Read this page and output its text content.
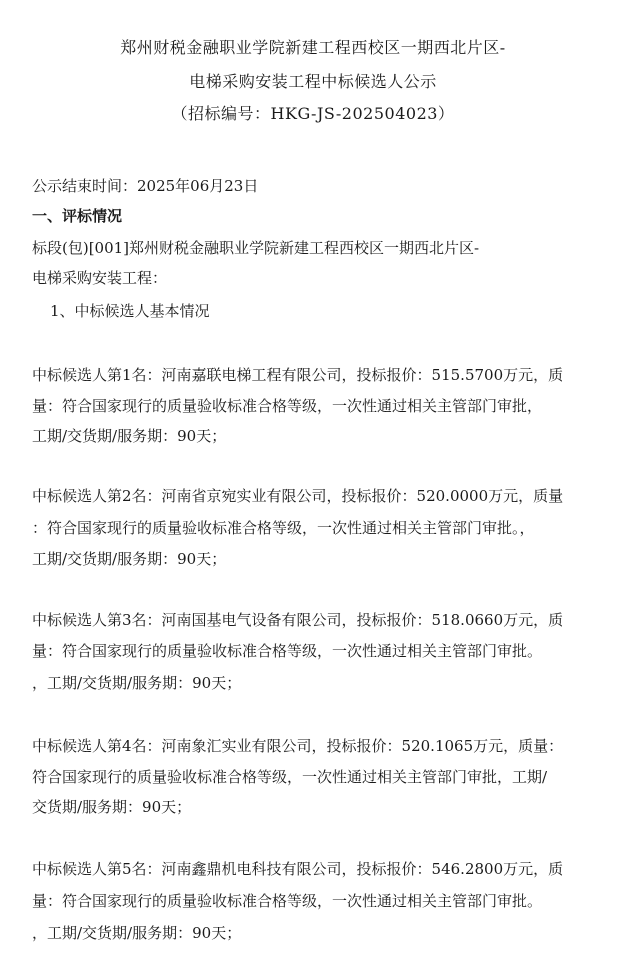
郑州财税金融职业学院新建工程西校区一期西北片区-
电梯采购安装工程中标候选人公示
（招标编号：HKG-JS-202504023）
公示结束时间：2025年06月23日
一、评标情况
标段(包)[001]郑州财税金融职业学院新建工程西校区一期西北片区-
电梯采购安装工程：
1、中标候选人基本情况
中标候选人第1名：河南嘉联电梯工程有限公司，投标报价：515.5700万元，质
量：符合国家现行的质量验收标准合格等级，一次性通过相关主管部门审批，
工期/交货期/服务期：90天；
中标候选人第2名：河南省京宛实业有限公司，投标报价：520.0000万元，质量
：符合国家现行的质量验收标准合格等级，一次性通过相关主管部门审批。，
工期/交货期/服务期：90天；
中标候选人第3名：河南国基电气设备有限公司，投标报价：518.0660万元，质
量：符合国家现行的质量验收标准合格等级，一次性通过相关主管部门审批。
，工期/交货期/服务期：90天；
中标候选人第4名：河南象汇实业有限公司，投标报价：520.1065万元，质量：
符合国家现行的质量验收标准合格等级，一次性通过相关主管部门审批，工期/
交货期/服务期：90天；
中标候选人第5名：河南鑫鼎机电科技有限公司，投标报价：546.2800万元，质
量：符合国家现行的质量验收标准合格等级，一次性通过相关主管部门审批。
，工期/交货期/服务期：90天；
